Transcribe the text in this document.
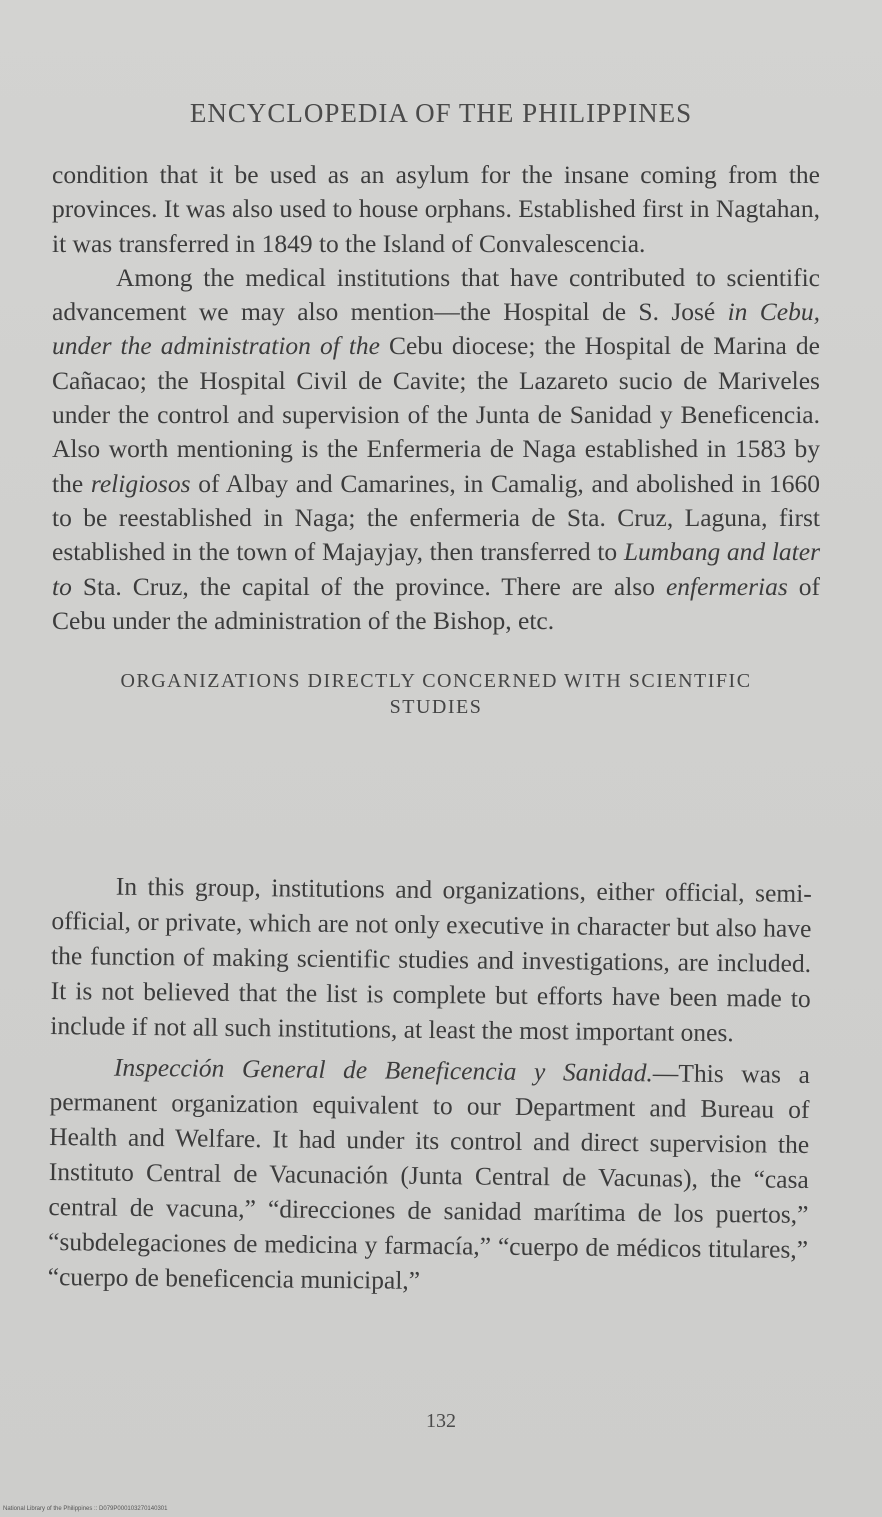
ENCYCLOPEDIA OF THE PHILIPPINES

condition that it be used as an asylum for the insane coming from the provinces. It was also used to house orphans. Established first in Nagtahan, it was transferred in 1849 to the Island of Convalescencia.

Among the medical institutions that have contributed to scientific advancement we may also mention—the Hospital de S. José in Cebu, under the administration of the Cebu diocese; the Hospital de Marina de Cañacao; the Hospital Civil de Cavite; the Lazareto sucio de Mariveles under the control and supervision of the Junta de Sanidad y Beneficencia. Also worth mentioning is the Enfermeria de Naga established in 1583 by the religiosos of Albay and Camarines, in Camalig, and abolished in 1660 to be reestablished in Naga; the enfermeria de Sta. Cruz, Laguna, first established in the town of Majayjay, then transferred to Lumbang and later to Sta. Cruz, the capital of the province. There are also enfermerias of Cebu under the administration of the Bishop, etc.

ORGANIZATIONS DIRECTLY CONCERNED WITH SCIENTIFIC
STUDIES

In this group, institutions and organizations, either official, semi-official, or private, which are not only executive in character but also have the function of making scientific studies and investigations, are included. It is not believed that the list is complete but efforts have been made to include if not all such institutions, at least the most important ones.

Inspección General de Beneficencia y Sanidad.—This was a permanent organization equivalent to our Department and Bureau of Health and Welfare. It had under its control and direct supervision the Instituto Central de Vacunación (Junta Central de Vacunas), the “casa central de vacuna,” “direcciones de sanidad marítima de los puertos,” “subdelegaciones de medicina y farmacía,” “cuerpo de médicos titulares,” “cuerpo de beneficencia municipal,”

132
National Library of the Philippines :: D079P000103270140301
